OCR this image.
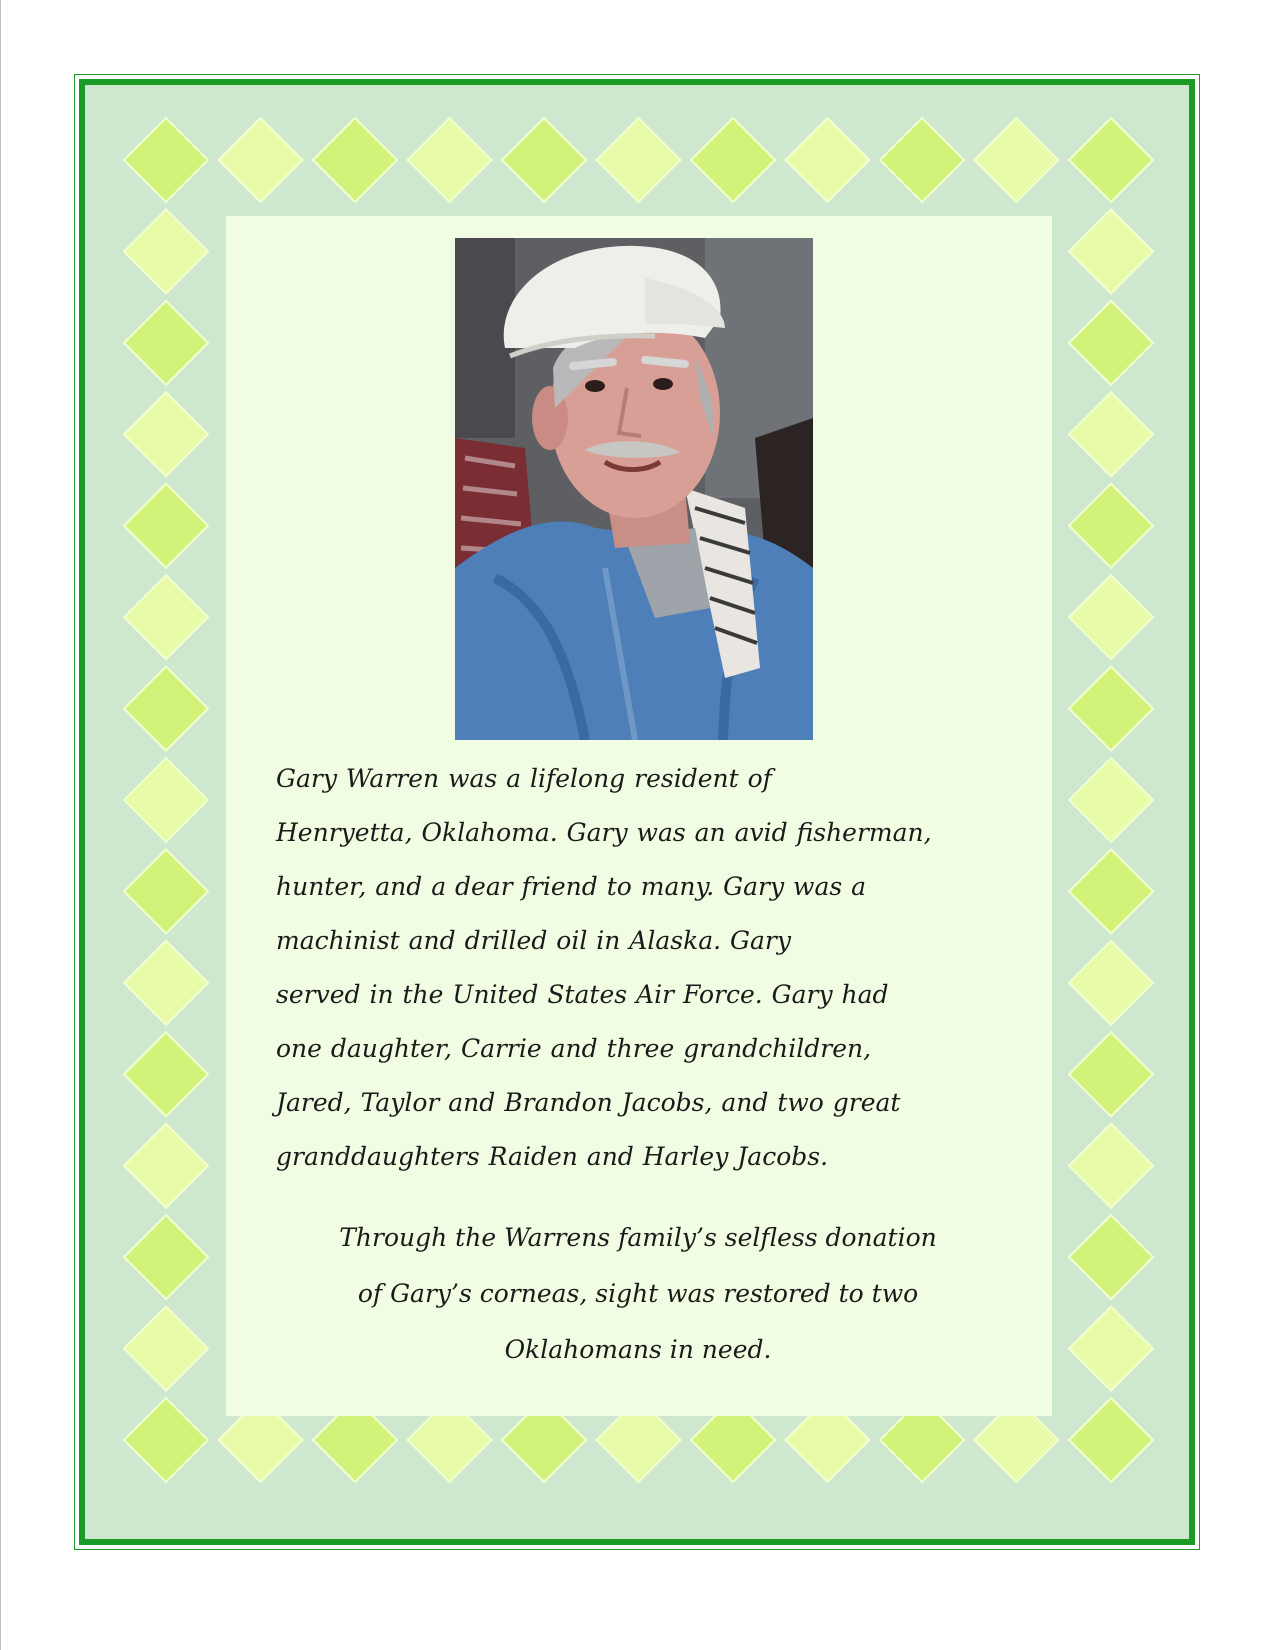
Gary Warren was a lifelong resident of
Henryetta, Oklahoma. Gary was an avid fisherman,
hunter, and a dear friend to many. Gary was a
machinist and drilled oil in Alaska. Gary
served in the United States Air Force. Gary had
one daughter, Carrie and three grandchildren,
Jared, Taylor and Brandon Jacobs, and two great
granddaughters Raiden and Harley Jacobs.

Through the Warrens family’s selfless donation
of Gary’s corneas, sight was restored to two
Oklahomans in need.
